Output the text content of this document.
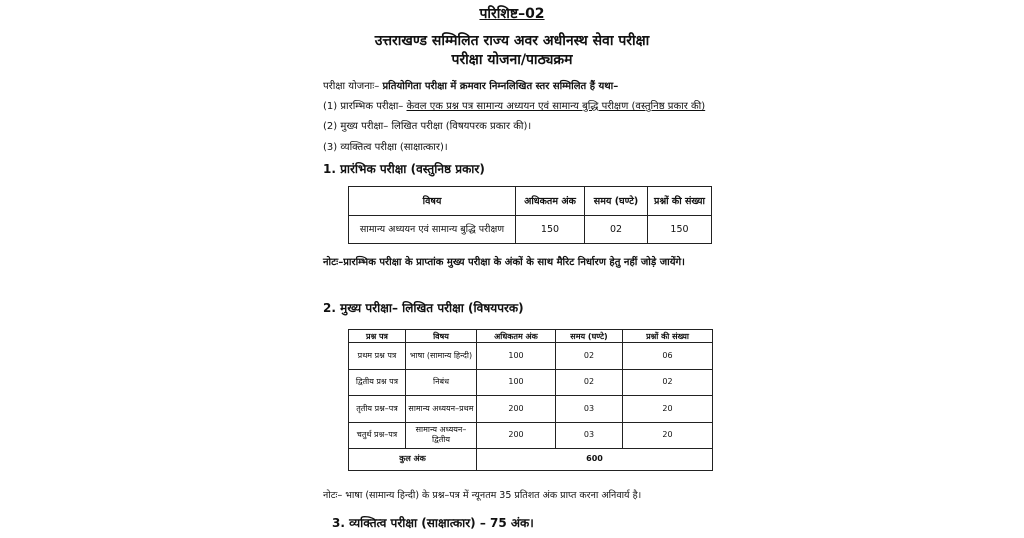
परिशिष्ट–02
उत्तराखण्ड सम्मिलित राज्य अवर अधीनस्थ सेवा परीक्षा
परीक्षा योजना/पाठ्यक्रम
परीक्षा योजनाः– प्रतियोगिता परीक्षा में क्रमवार निम्नलिखित स्तर सम्मिलित हैं यथा–
(1) प्रारम्भिक परीक्षा– केवल एक प्रश्न पत्र सामान्य अध्ययन एवं सामान्य बुद्धि परीक्षण (वस्तुनिष्ठ प्रकार की)
(2) मुख्य परीक्षा– लिखित परीक्षा (विषयपरक प्रकार की)।
(3) व्यक्तित्व परीक्षा (साक्षात्कार)।
1. प्रारंभिक परीक्षा (वस्तुनिष्ठ प्रकार)
विषय	अधिकतम अंक	समय (घण्टे)	प्रश्नों की संख्या
सामान्य अध्ययन एवं सामान्य बुद्धि परीक्षण	150	02	150
नोटः–प्रारम्भिक परीक्षा के प्राप्तांक मुख्य परीक्षा के अंकों के साथ मैरिट निर्धारण हेतु नहीं जोड़े जायेंगे।
2. मुख्य परीक्षा– लिखित परीक्षा (विषयपरक)
प्रश्न पत्र	विषय	अधिकतम अंक	समय (घण्टे)	प्रश्नों की संख्या
प्रथम प्रश्न पत्र	भाषा (सामान्य हिन्दी)	100	02	06
द्वितीय प्रश्न पत्र	निबंध	100	02	02
तृतीय प्रश्न–पत्र	सामान्य अध्ययन–प्रथम	200	03	20
चतुर्थ प्रश्न–पत्र	सामान्य अध्ययन–द्वितीय	200	03	20
कुल अंक		600		
नोटः– भाषा (सामान्य हिन्दी) के प्रश्न–पत्र में न्यूनतम 35 प्रतिशत अंक प्राप्त करना अनिवार्य है।
3. व्यक्तित्व परीक्षा (साक्षात्कार) – 75 अंक।
